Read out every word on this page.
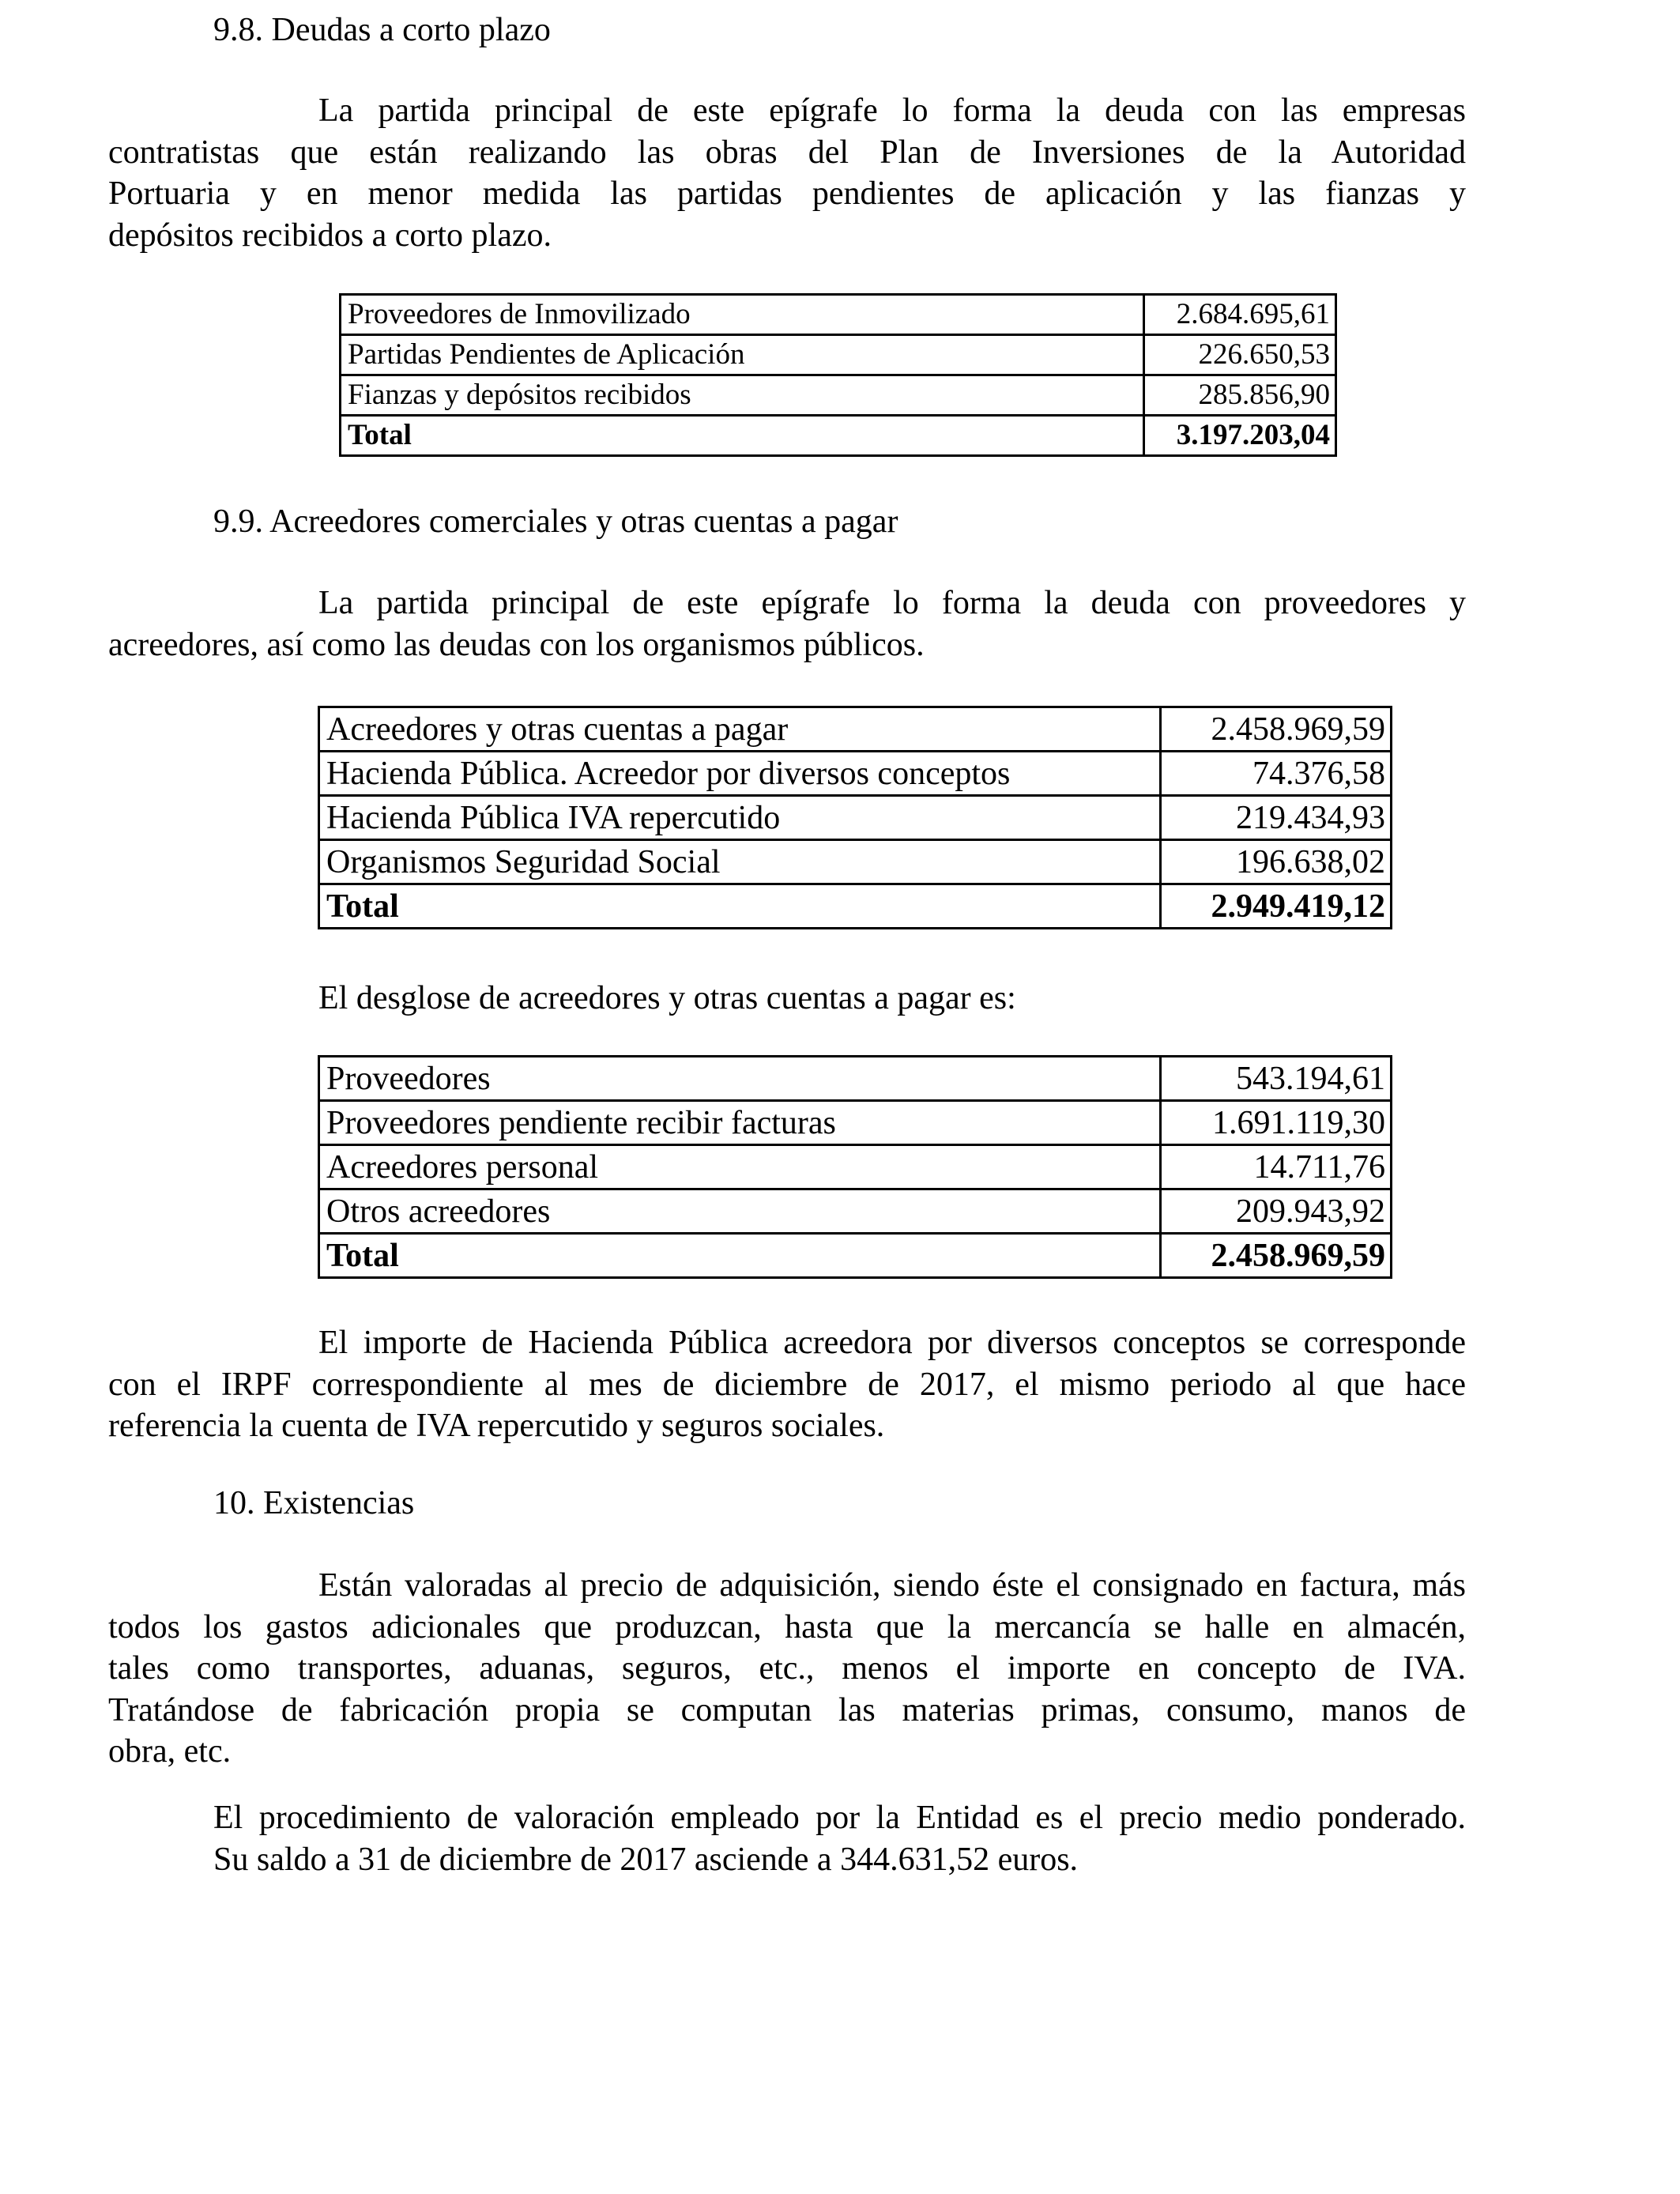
9.8. Deudas a corto plazo
La partida principal de este epígrafe lo forma la deuda con las empresas
contratistas que están realizando las obras del Plan de Inversiones de la Autoridad
Portuaria y en menor medida las partidas pendientes de aplicación y las fianzas y
depósitos recibidos a corto plazo.
Proveedores de Inmovilizado	2.684.695,61
Partidas Pendientes de Aplicación	226.650,53
Fianzas y depósitos recibidos	285.856,90
Total	3.197.203,04
9.9. Acreedores comerciales y otras cuentas a pagar
La partida principal de este epígrafe lo forma la deuda con proveedores y
acreedores, así como las deudas con los organismos públicos.
Acreedores y otras cuentas a pagar	2.458.969,59
Hacienda Pública. Acreedor por diversos conceptos	74.376,58
Hacienda Pública IVA repercutido	219.434,93
Organismos Seguridad Social	196.638,02
Total	2.949.419,12
El desglose de acreedores y otras cuentas a pagar es:
Proveedores	543.194,61
Proveedores pendiente recibir facturas	1.691.119,30
Acreedores personal	14.711,76
Otros acreedores	209.943,92
Total	2.458.969,59
El importe de Hacienda Pública acreedora por diversos conceptos se corresponde
con el IRPF correspondiente al mes de diciembre de 2017, el mismo periodo al que hace
referencia la cuenta de IVA repercutido y seguros sociales.
10. Existencias
Están valoradas al precio de adquisición, siendo éste el consignado en factura, más
todos los gastos adicionales que produzcan, hasta que la mercancía se halle en almacén,
tales como transportes, aduanas, seguros, etc., menos el importe en concepto de IVA.
Tratándose de fabricación propia se computan las materias primas, consumo, manos de
obra, etc.
El procedimiento de valoración empleado por la Entidad es el precio medio ponderado.
Su saldo a 31 de diciembre de 2017 asciende a 344.631,52 euros.
